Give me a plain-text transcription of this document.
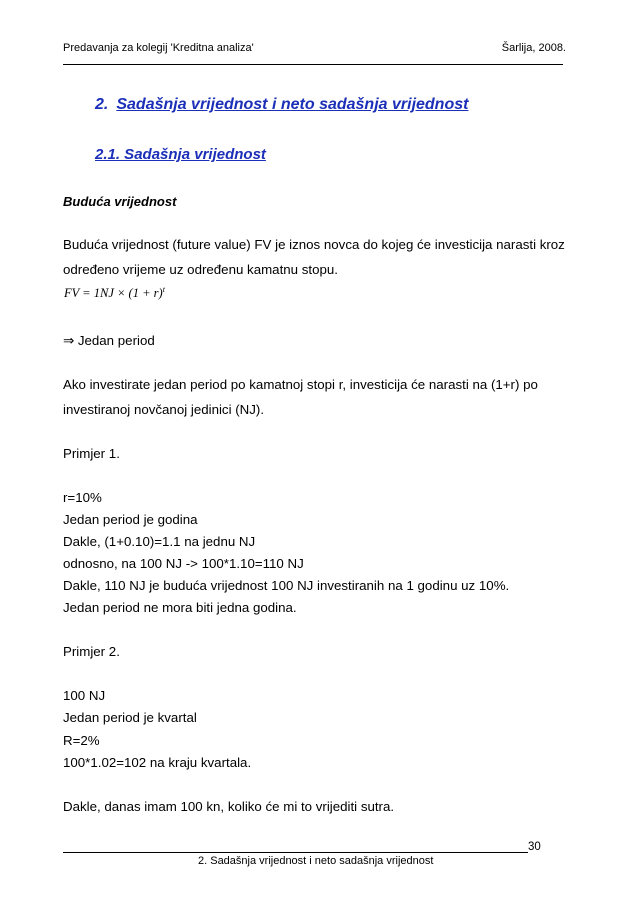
Predavanja za kolegij 'Kreditna analiza'	Šarlija, 2008.
2. Sadašnja vrijednost i neto sadašnja vrijednost
2.1. Sadašnja vrijednost
Buduća vrijednost
Buduća vrijednost (future value) FV je iznos novca do kojeg će investicija narasti kroz
određeno vrijeme uz određenu kamatnu stopu.
FV = $1NJ \times (1 + r)^t$
⇒ Jedan period
Ako investirate jedan period po kamatnoj stopi r, investicija će narasti na (1+r) po
investiranoj novčanoj jedinici (NJ).
Primjer 1.
r=10%
Jedan period je godina
Dakle, (1+0.10)=1.1 na jednu NJ
odnosno, na 100 NJ -> 100*1.10=110 NJ
Dakle, 110 NJ je buduća vrijednost 100 NJ investiranih na 1 godinu uz 10%.
Jedan period ne mora biti jedna godina.
Primjer 2.
100 NJ
Jedan period je kvartal
R=2%
100*1.02=102 na kraju kvartala.
Dakle, danas imam 100 kn, koliko će mi to vrijediti sutra.
30
2. Sadašnja vrijednost i neto sadašnja vrijednost
